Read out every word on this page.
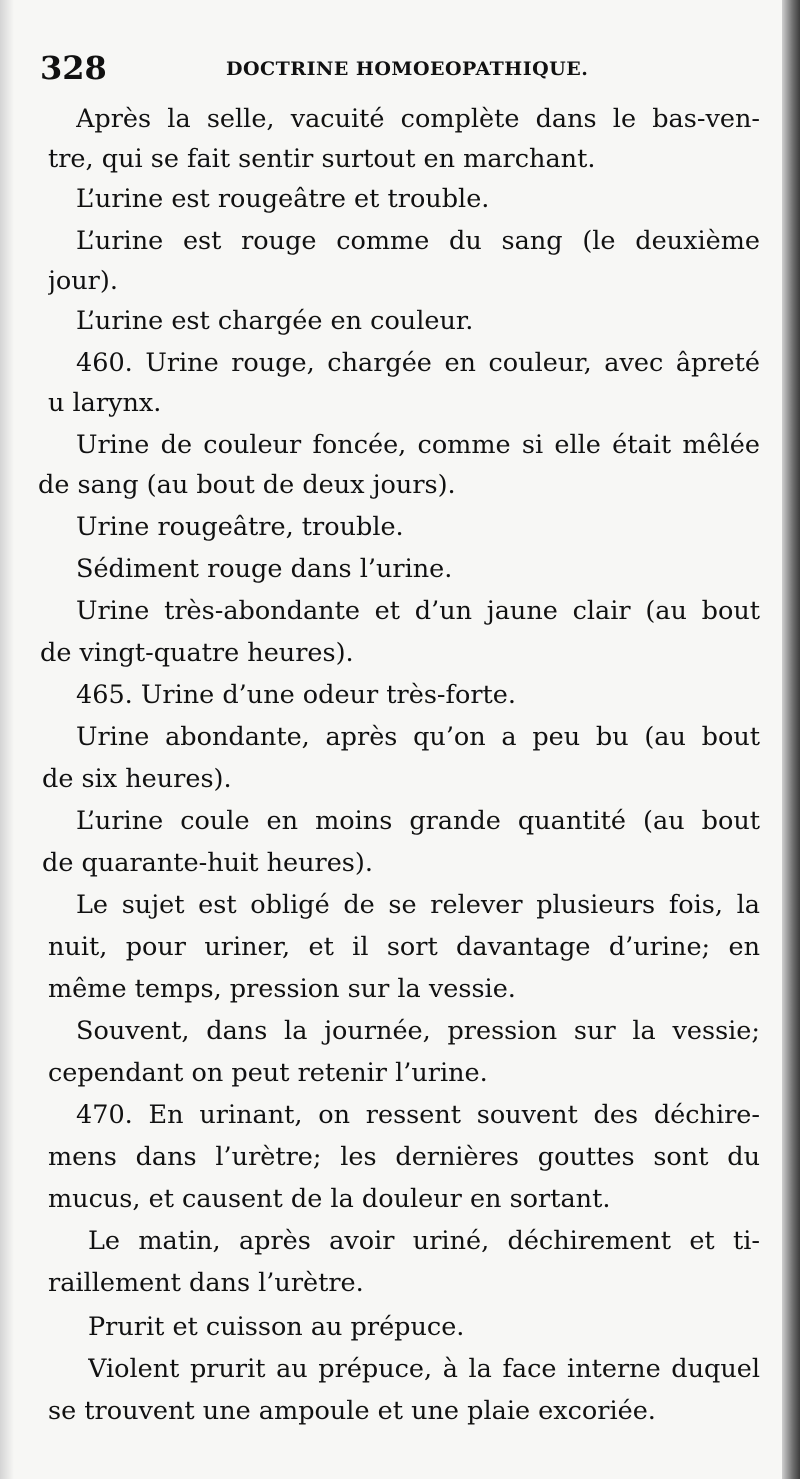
328	DOCTRINE HOMOEOPATHIQUE.
Après la selle, vacuité complète dans le bas-ven-
tre, qui se fait sentir surtout en marchant.
L’urine est rougeâtre et trouble.
L’urine est rouge comme du sang (le deuxième
jour).
L’urine est chargée en couleur.
460. Urine rouge, chargée en couleur, avec âpreté
u larynx.
Urine de couleur foncée, comme si elle était mêlée
de sang (au bout de deux jours).
Urine rougeâtre, trouble.
Sédiment rouge dans l’urine.
Urine très-abondante et d’un jaune clair (au bout
de vingt-quatre heures).
465. Urine d’une odeur très-forte.
Urine abondante, après qu’on a peu bu (au bout
de six heures).
L’urine coule en moins grande quantité (au bout
de quarante-huit heures).
Le sujet est obligé de se relever plusieurs fois, la
nuit, pour uriner, et il sort davantage d’urine; en
même temps, pression sur la vessie.
Souvent, dans la journée, pression sur la vessie;
cependant on peut retenir l’urine.
470. En urinant, on ressent souvent des déchire-
mens dans l’urètre; les dernières gouttes sont du
mucus, et causent de la douleur en sortant.
Le matin, après avoir uriné, déchirement et ti-
raillement dans l’urètre.
Prurit et cuisson au prépuce.
Violent prurit au prépuce, à la face interne duquel
se trouvent une ampoule et une plaie excoriée.
